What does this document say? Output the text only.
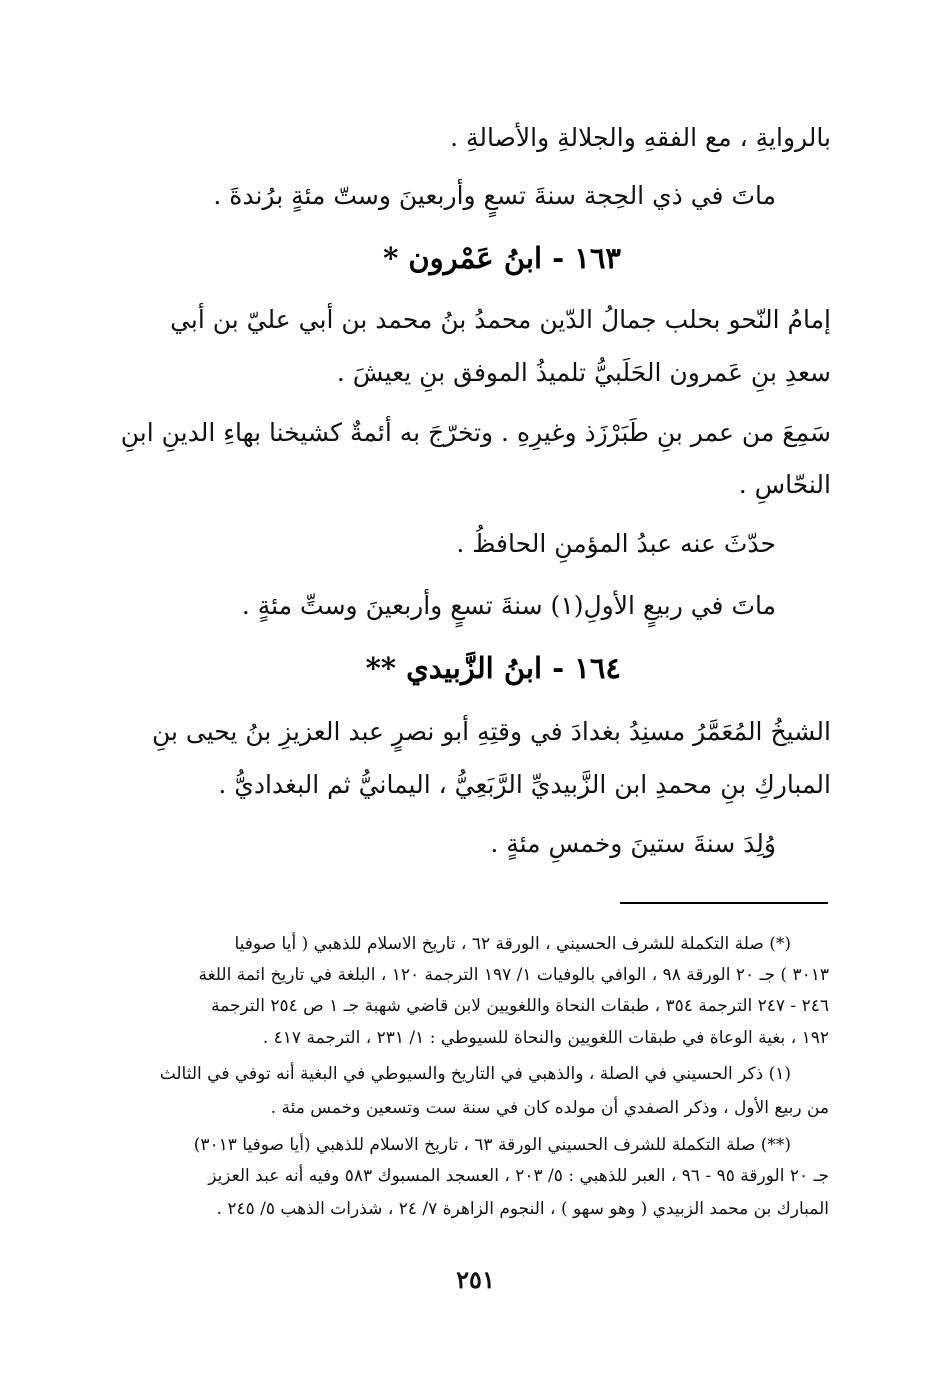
بالروايةِ ، مع الفقهِ والجلالةِ والأصالةِ .
ماتَ في ذي الحِجة سنةَ تسعٍ وأربعينَ وستّ مئةٍ برُندةَ .
١٦٣ - ابنُ عَمْرون *
إمامُ النّحو بحلب جمالُ الدّين محمدُ بنُ محمد بن أبي عليّ بن أبي
سعدِ بنِ عَمرون الحَلَبيُّ تلميذُ الموفق بنِ يعيشَ .
سَمِعَ من عمر بنِ طَبَرْزَذ وغيرِهِ . وتخرّجَ به أئمةٌ كشيخنا بهاءِ الدينِ ابنِ
النحّاسِ .
حدّثَ عنه عبدُ المؤمنِ الحافظُ .
ماتَ في ربيعٍ الأولِ(١) سنةَ تسعٍ وأربعينَ وستِّ مئةٍ .
١٦٤ - ابنُ الزَّبيدي **
الشيخُ المُعَمَّرُ مسنِدُ بغدادَ في وقتِهِ أبو نصرٍ عبد العزيزِ بنُ يحيى بنِ
المباركِ بنِ محمدِ ابن الزَّبيديِّ الرَّبَعِيُّ ، اليمانيُّ ثم البغداديُّ .
وُلِدَ سنةَ ستينَ وخمسِ مئةٍ .
(*) صلة التكملة للشرف الحسيني ، الورقة ٦٢ ، تاريخ الاسلام للذهبي ( أيا صوفيا
٣٠١٣ ) جـ ٢٠ الورقة ٩٨ ، الوافي بالوفيات ١/ ١٩٧ الترجمة ١٢٠ ، البلغة في تاريخ ائمة اللغة
٢٤٦ - ٢٤٧ الترجمة ٣٥٤ ، طبقات النحاة واللغويين لابن قاضي شهبة جـ ١ ص ٢٥٤ الترجمة
١٩٢ ، بغية الوعاة في طبقات اللغويين والنحاة للسيوطي : ١/ ٢٣١ ، الترجمة ٤١٧ .
(١) ذكر الحسيني في الصلة ، والذهبي في التاريخ والسيوطي في البغية أنه توفي في الثالث
من ربيع الأول ، وذكر الصفدي أن مولده كان في سنة ست وتسعين وخمس مئة .
(**) صلة التكملة للشرف الحسيني الورقة ٦٣ ، تاريخ الاسلام للذهبي (أيا صوفيا ٣٠١٣)
جـ ٢٠ الورقة ٩٥ - ٩٦ ، العبر للذهبي : ٥/ ٢٠٣ ، العسجد المسبوك ٥٨٣ وفيه أنه عبد العزيز
المبارك بن محمد الزبيدي ( وهو سهو ) ، النجوم الزاهرة ٧/ ٢٤ ، شذرات الذهب ٥/ ٢٤٥ .
٢٥١
